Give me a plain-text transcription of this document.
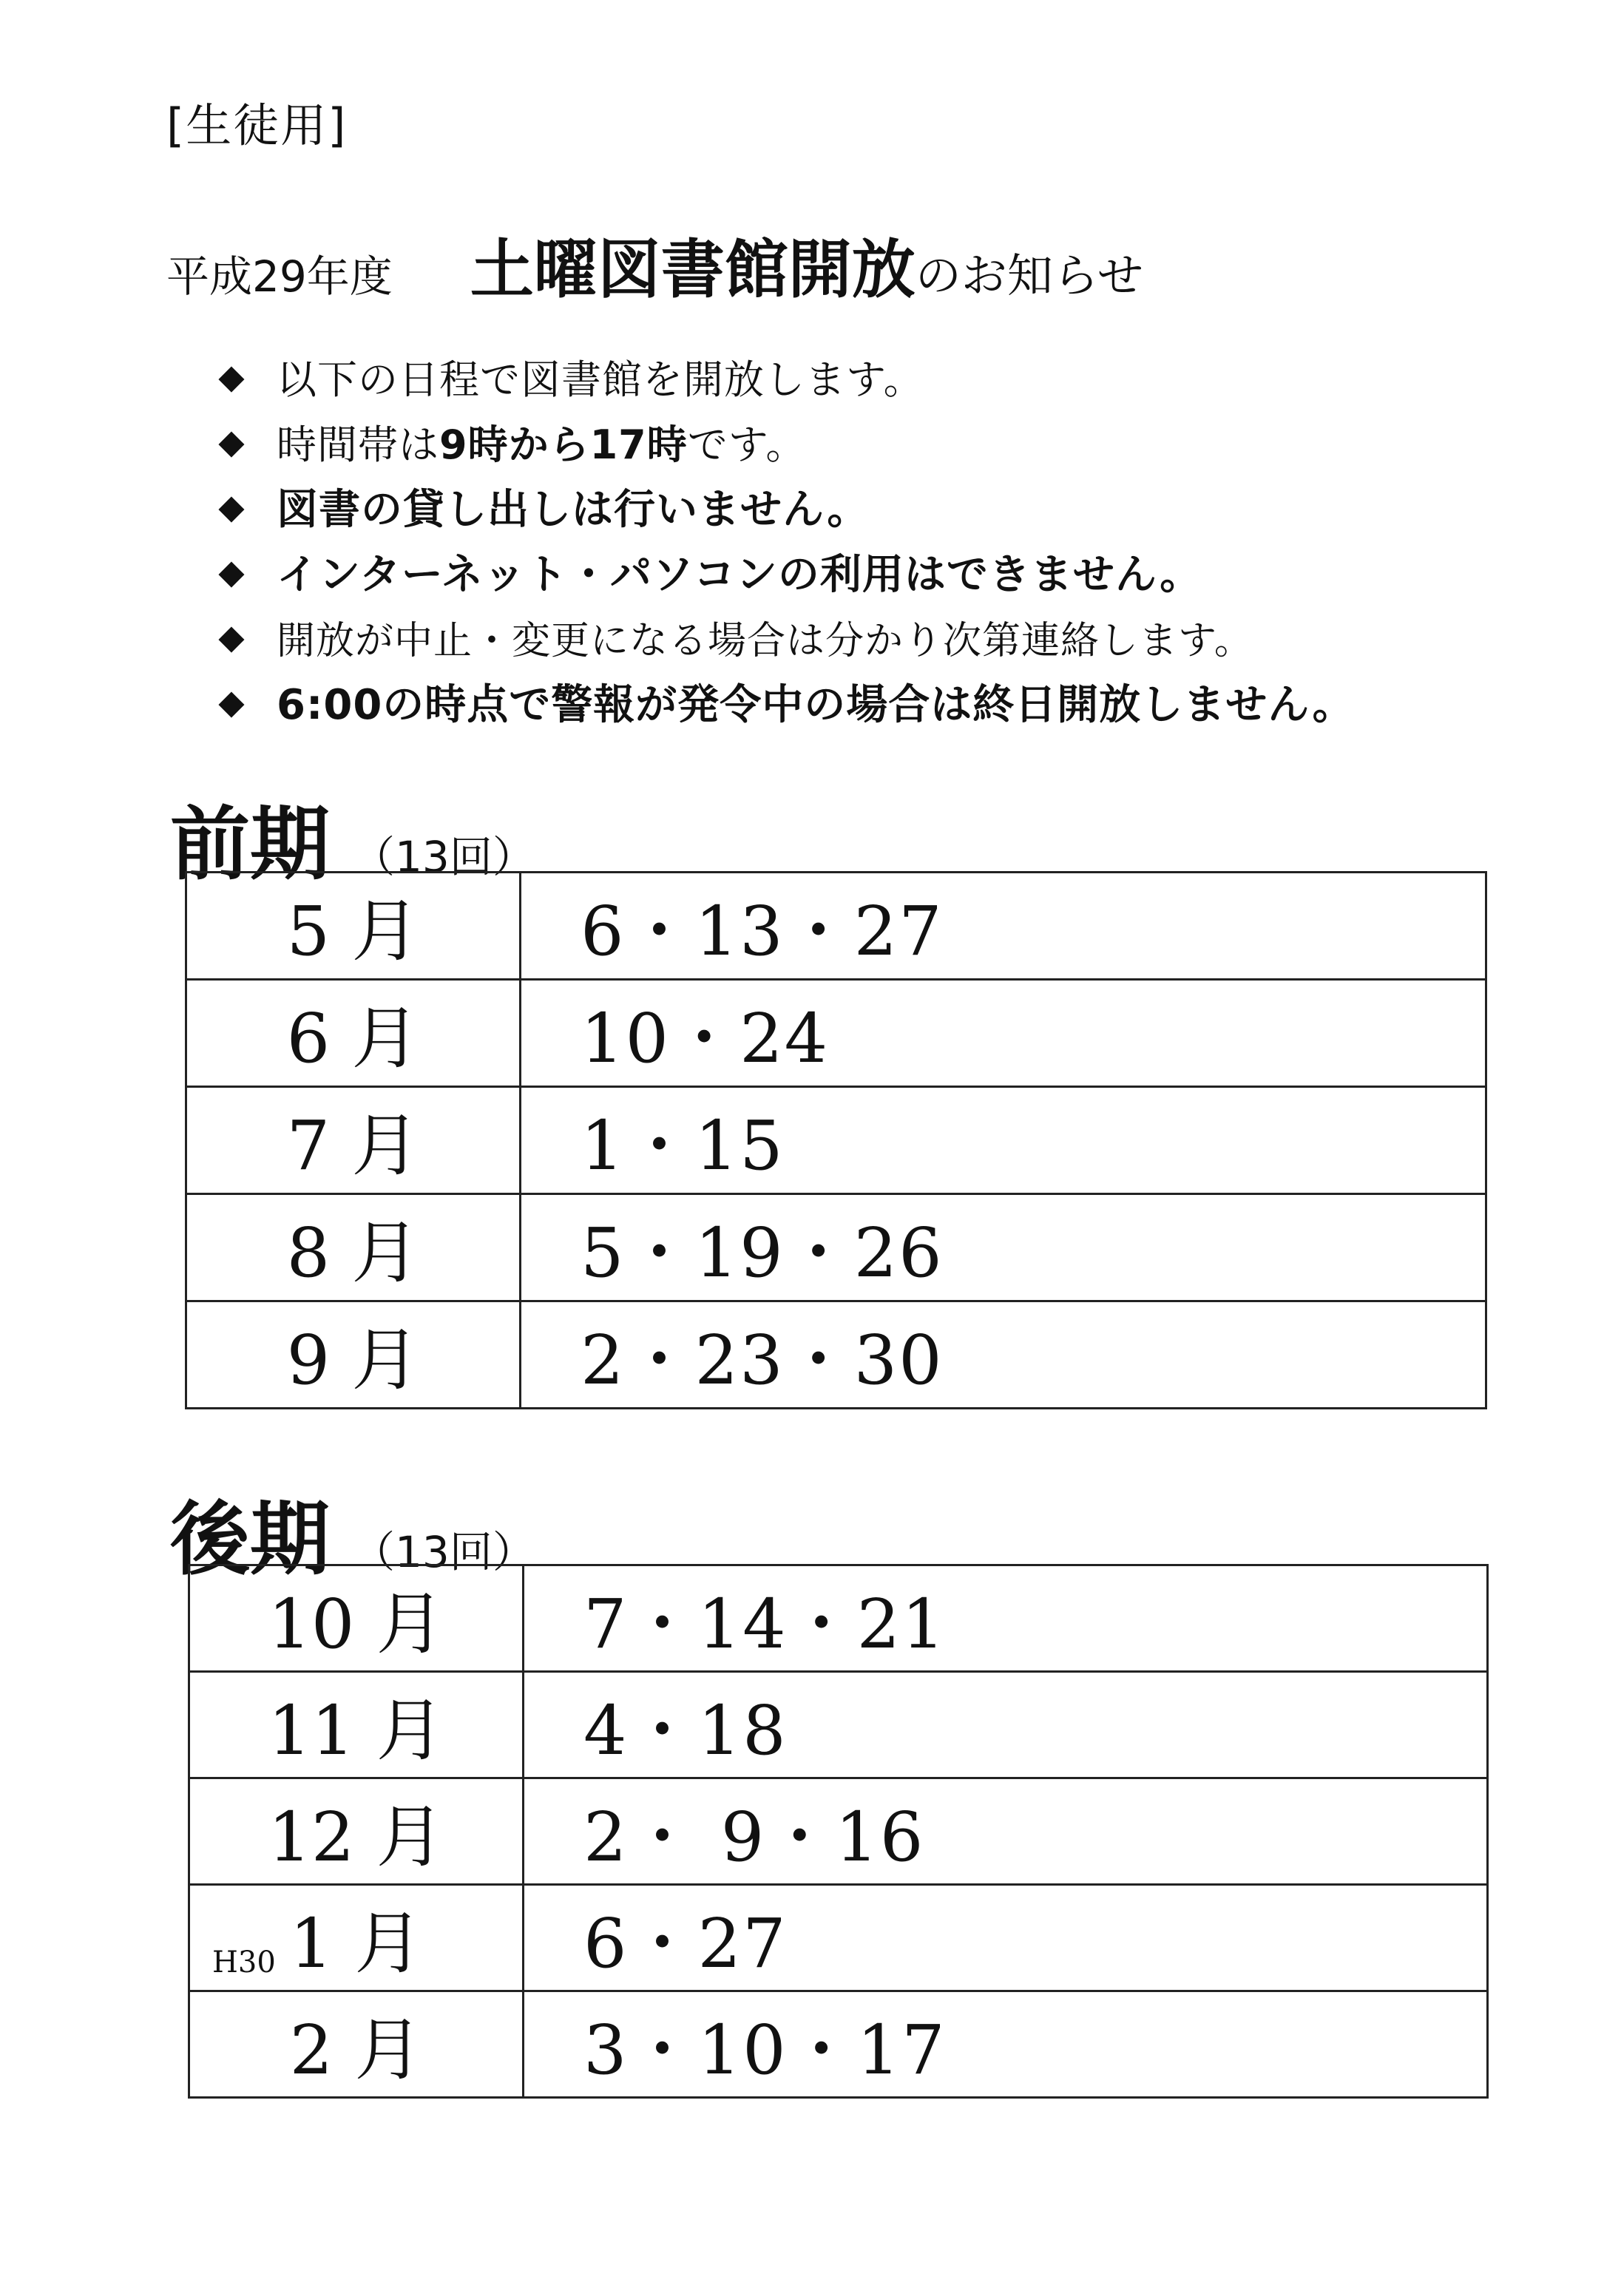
[生徒用]
平成29年度 土曜図書館開放 のお知らせ
◆ 以下の日程で図書館を開放します。
◆ 時間帯は9時から17時です。
◆ 図書の貸し出しは行いません。
◆ インターネット・パソコンの利用はできません。
◆ 開放が中止・変更になる場合は分かり次第連絡します。
◆ 6:00の時点で警報が発令中の場合は終日開放しません。
前期 （13回）
5 月	6・13・27
6 月	10・24
7 月	1・15
8 月	5・19・26
9 月	2・23・30
後期 （13回）
10 月	7・14・21
11 月	4・18
12 月	2・ 9・16

H30 1 月	6・27
2 月	3・10・17
